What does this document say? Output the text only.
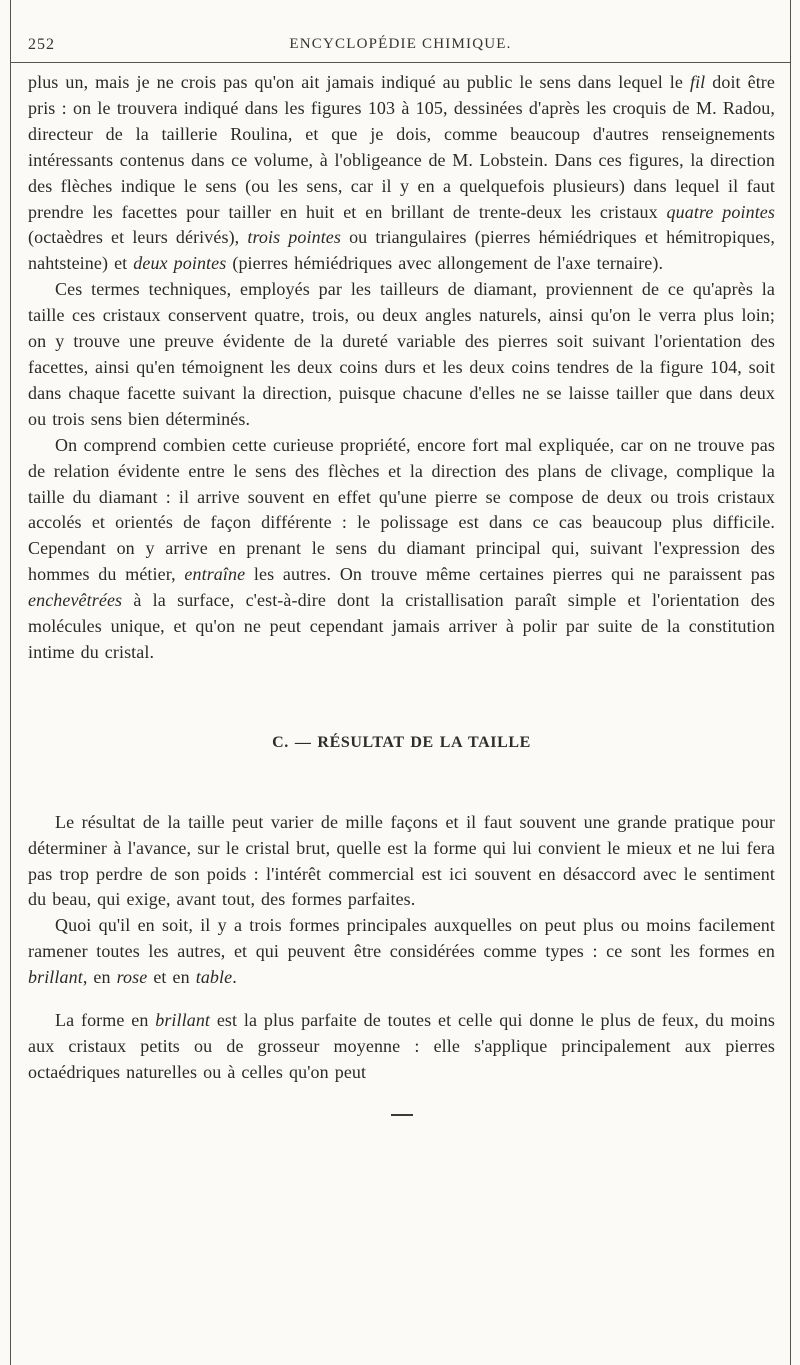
252	ENCYCLOPÉDIE CHIMIQUE.

plus un, mais je ne crois pas qu'on ait jamais indiqué au public le sens dans lequel le fil doit être pris : on le trouvera indiqué dans les figures 103 à 105, dessinées d'après les croquis de M. Radou, directeur de la taillerie Roulina, et que je dois, comme beaucoup d'autres renseignements intéressants contenus dans ce volume, à l'obligeance de M. Lobstein. Dans ces figures, la direction des flèches indique le sens (ou les sens, car il y en a quelquefois plusieurs) dans lequel il faut prendre les facettes pour tailler en huit et en brillant de trente-deux les cristaux quatre pointes (octaèdres et leurs dérivés), trois pointes ou triangulaires (pierres hémiédriques et hémitropiques, nahtsteine) et deux pointes (pierres hémiédriques avec allongement de l'axe ternaire).

Ces termes techniques, employés par les tailleurs de diamant, proviennent de ce qu'après la taille ces cristaux conservent quatre, trois, ou deux angles naturels, ainsi qu'on le verra plus loin; on y trouve une preuve évidente de la dureté variable des pierres soit suivant l'orientation des facettes, ainsi qu'en témoignent les deux coins durs et les deux coins tendres de la figure 104, soit dans chaque facette suivant la direction, puisque chacune d'elles ne se laisse tailler que dans deux ou trois sens bien déterminés.

On comprend combien cette curieuse propriété, encore fort mal expliquée, car on ne trouve pas de relation évidente entre le sens des flèches et la direction des plans de clivage, complique la taille du diamant : il arrive souvent en effet qu'une pierre se compose de deux ou trois cristaux accolés et orientés de façon différente : le polissage est dans ce cas beaucoup plus difficile. Cependant on y arrive en prenant le sens du diamant principal qui, suivant l'expression des hommes du métier, entraîne les autres. On trouve même certaines pierres qui ne paraissent pas enchevêtrées à la surface, c'est-à-dire dont la cristallisation paraît simple et l'orientation des molécules unique, et qu'on ne peut cependant jamais arriver à polir par suite de la constitution intime du cristal.

C. — RÉSULTAT DE LA TAILLE

Le résultat de la taille peut varier de mille façons et il faut souvent une grande pratique pour déterminer à l'avance, sur le cristal brut, quelle est la forme qui lui convient le mieux et ne lui fera pas trop perdre de son poids : l'intérêt commercial est ici souvent en désaccord avec le sentiment du beau, qui exige, avant tout, des formes parfaites.

Quoi qu'il en soit, il y a trois formes principales auxquelles on peut plus ou moins facilement ramener toutes les autres, et qui peuvent être considérées comme types : ce sont les formes en brillant, en rose et en table.

La forme en brillant est la plus parfaite de toutes et celle qui donne le plus de feux, du moins aux cristaux petits ou de grosseur moyenne : elle s'applique principalement aux pierres octaédriques naturelles ou à celles qu'on peut
